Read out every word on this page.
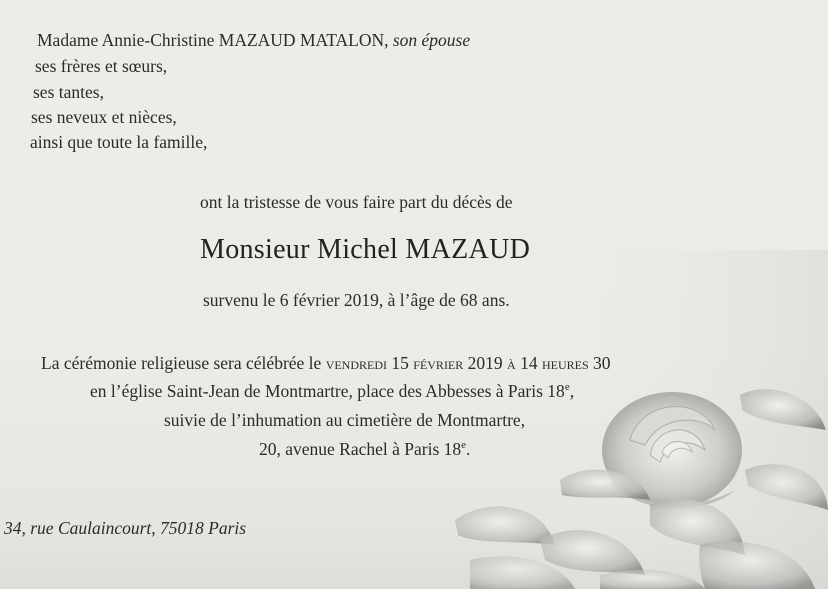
Madame Annie-Christine MAZAUD MATALON, son épouse
ses frères et sœurs,
ses tantes,
ses neveux et nièces,
ainsi que toute la famille,
ont la tristesse de vous faire part du décès de
Monsieur Michel MAZAUD
survenu le 6 février 2019, à l’âge de 68 ans.
La cérémonie religieuse sera célébrée le vendredi 15 février 2019 à 14 heures 30
en l’église Saint-Jean de Montmartre, place des Abbesses à Paris 18e,
suivie de l’inhumation au cimetière de Montmartre,
20, avenue Rachel à Paris 18e.
34, rue Caulaincourt, 75018 Paris
